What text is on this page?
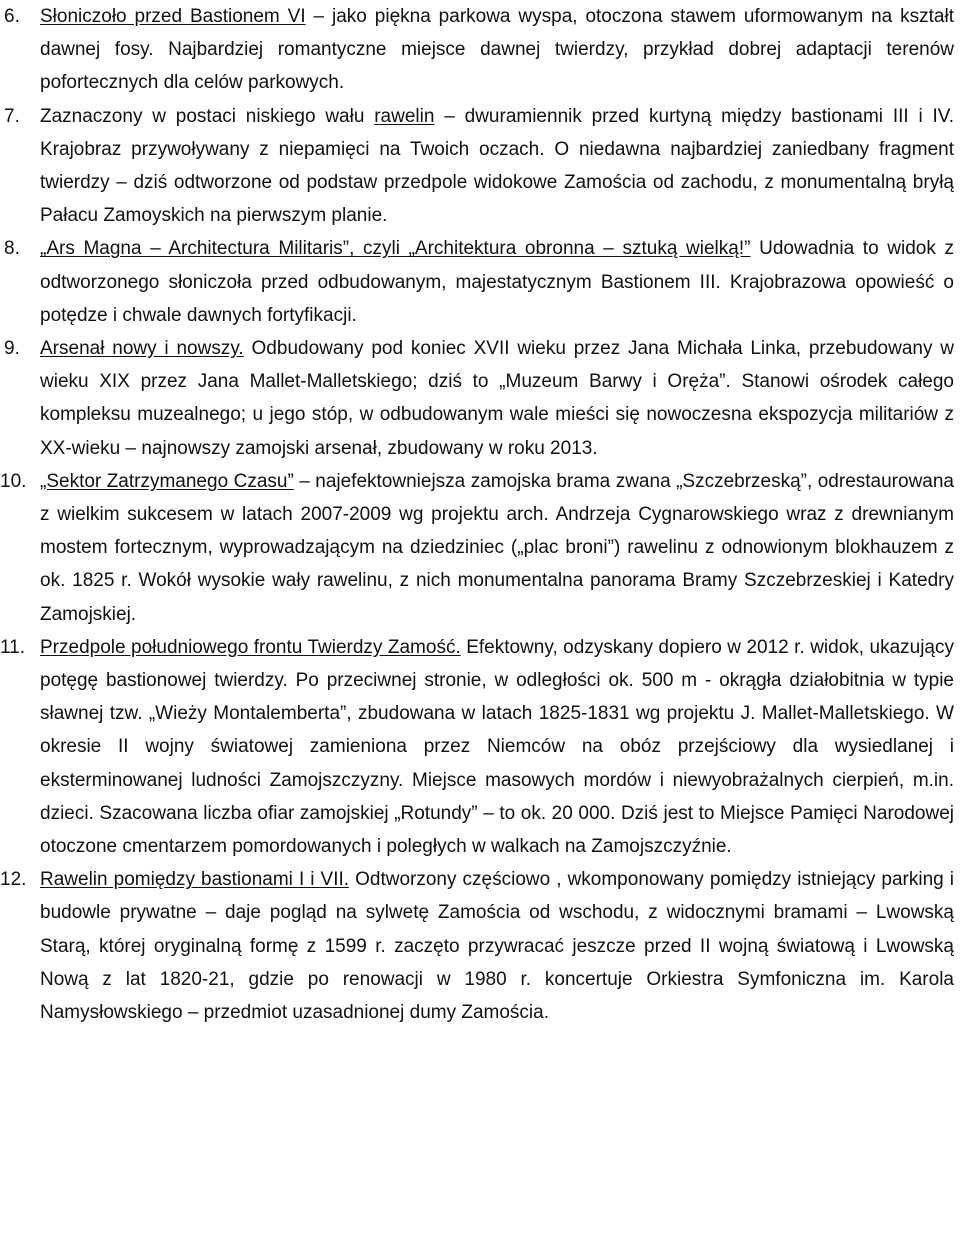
6. Słoniczoło przed Bastionem VI – jako piękna parkowa wyspa, otoczona stawem uformowanym na kształt dawnej fosy. Najbardziej romantyczne miejsce dawnej twierdzy, przykład dobrej adaptacji terenów pofortecznych dla celów parkowych.
7. Zaznaczony w postaci niskiego wału rawelin – dwuramiennik przed kurtyną między bastionami III i IV. Krajobraz przywoływany z niepamięci na Twoich oczach. O niedawna najbardziej zaniedbany fragment twierdzy – dziś odtworzone od podstaw przedpole widokowe Zamościa od zachodu, z monumentalną bryłą Pałacu Zamoyskich na pierwszym planie.
8. „Ars Magna – Architectura Militaris”, czyli „Architektura obronna – sztuką wielką!” Udowadnia to widok z odtworzonego słoniczoła przed odbudowanym, majestatycznym Bastionem III. Krajobrazowa opowieść o potędze i chwale dawnych fortyfikacji.
9. Arsenał nowy i nowszy. Odbudowany pod koniec XVII wieku przez Jana Michała Linka, przebudowany w wieku XIX przez Jana Mallet-Malletskiego; dziś to „Muzeum Barwy i Oręża”. Stanowi ośrodek całego kompleksu muzealnego; u jego stóp, w odbudowanym wale mieści się nowoczesna ekspozycja militariów z XX-wieku – najnowszy zamojski arsenał, zbudowany w roku 2013.
10. „Sektor Zatrzymanego Czasu” – najefektowniejsza zamojska brama zwana „Szczebrzeską”, odrestaurowana z wielkim sukcesem w latach 2007-2009 wg projektu arch. Andrzeja Cygnarowskiego wraz z drewnianym mostem fortecznym, wyprowadzającym na dziedziniec („plac broni”) rawelinu z odnowionym blokhauzem z ok. 1825 r. Wokół wysokie wały rawelinu, z nich monumentalna panorama Bramy Szczebrzeskiej i Katedry Zamojskiej.
11. Przedpole południowego frontu Twierdzy Zamość. Efektowny, odzyskany dopiero w 2012 r. widok, ukazujący potęgę bastionowej twierdzy. Po przeciwnej stronie, w odległości ok. 500 m - okrągła działobitnia w typie sławnej tzw. „Wieży Montalemberta”, zbudowana w latach 1825-1831 wg projektu J. Mallet-Malletskiego. W okresie II wojny światowej zamieniona przez Niemców na obóz przejściowy dla wysiedlanej i eksterminowanej ludności Zamojszczyzny. Miejsce masowych mordów i niewyobrażalnych cierpień, m.in. dzieci. Szacowana liczba ofiar zamojskiej „Rotundy” – to ok. 20 000. Dziś jest to Miejsce Pamięci Narodowej otoczone cmentarzem pomordowanych i poległych w walkach na Zamojszczyźnie.
12. Rawelin pomiędzy bastionami I i VII. Odtworzony częściowo , wkomponowany pomiędzy istniejący parking i budowle prywatne – daje pogląd na sylwetę Zamościa od wschodu, z widocznymi bramami – Lwowską Starą, której oryginalną formę z 1599 r. zaczęto przywracać jeszcze przed II wojną światową i Lwowską Nową z lat 1820-21, gdzie po renowacji w 1980 r. koncertuje Orkiestra Symfoniczna im. Karola Namysłowskiego – przedmiot uzasadnionej dumy Zamościa.
